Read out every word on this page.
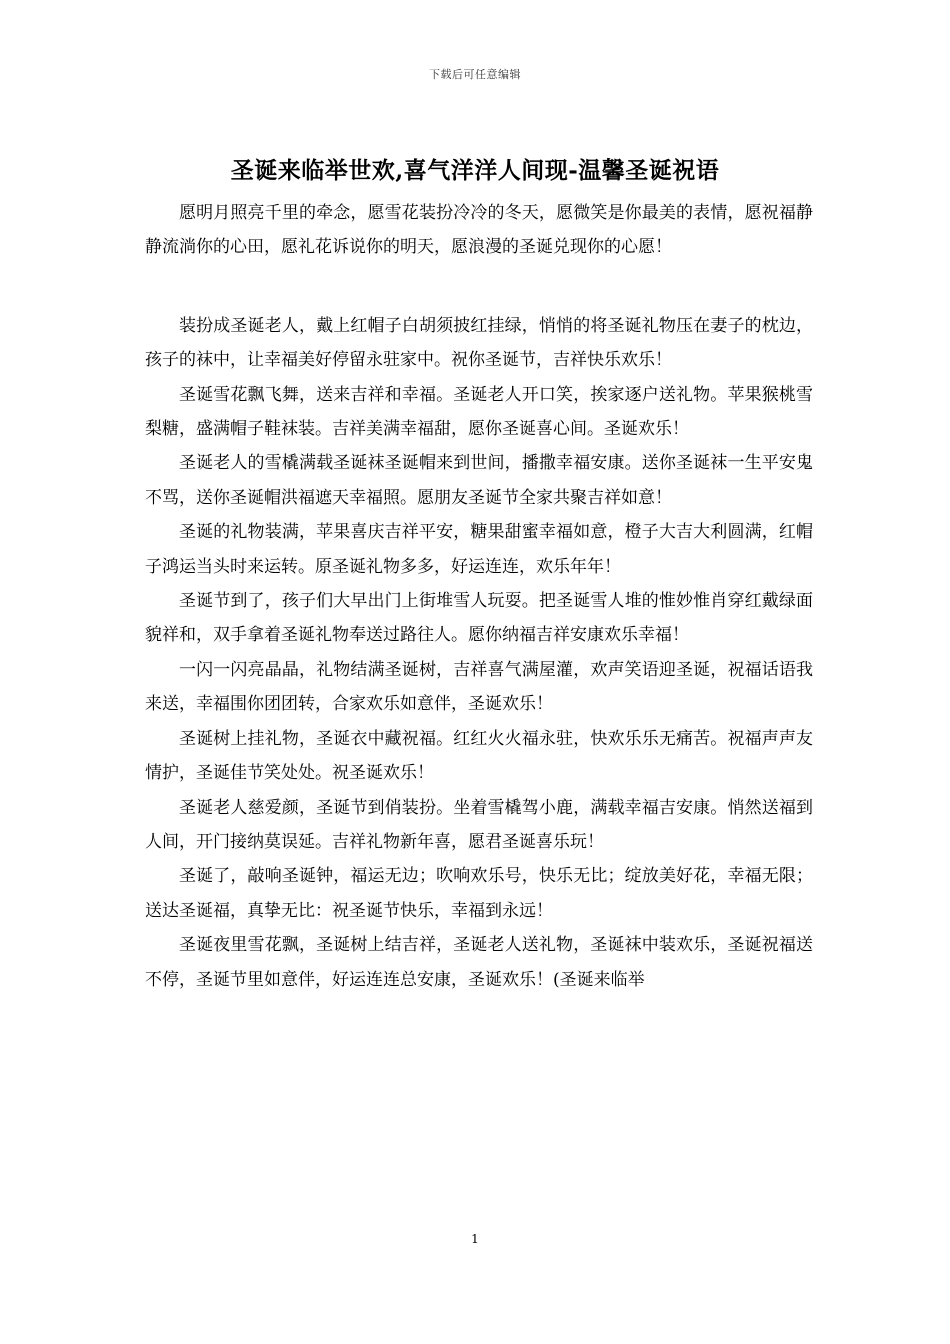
下载后可任意编辑
圣诞来临举世欢,喜气洋洋人间现-温馨圣诞祝语

愿明月照亮千里的牵念，愿雪花装扮冷冷的冬天，愿微笑是你最美的表情，愿祝福静静流淌你的心田，愿礼花诉说你的明天，愿浪漫的圣诞兑现你的心愿！

装扮成圣诞老人，戴上红帽子白胡须披红挂绿，悄悄的将圣诞礼物压在妻子的枕边，孩子的袜中，让幸福美好停留永驻家中。祝你圣诞节，吉祥快乐欢乐！

圣诞雪花飘飞舞，送来吉祥和幸福。圣诞老人开口笑，挨家逐户送礼物。苹果猴桃雪梨糖，盛满帽子鞋袜装。吉祥美满幸福甜，愿你圣诞喜心间。圣诞欢乐！

圣诞老人的雪橇满载圣诞袜圣诞帽来到世间，播撒幸福安康。送你圣诞袜一生平安鬼不骂，送你圣诞帽洪福遮天幸福照。愿朋友圣诞节全家共聚吉祥如意！

圣诞的礼物装满，苹果喜庆吉祥平安，糖果甜蜜幸福如意，橙子大吉大利圆满，红帽子鸿运当头时来运转。原圣诞礼物多多，好运连连，欢乐年年！

圣诞节到了，孩子们大早出门上街堆雪人玩耍。把圣诞雪人堆的惟妙惟肖穿红戴绿面貌祥和，双手拿着圣诞礼物奉送过路往人。愿你纳福吉祥安康欢乐幸福！

一闪一闪亮晶晶，礼物结满圣诞树，吉祥喜气满屋灌，欢声笑语迎圣诞，祝福话语我来送，幸福围你团团转，合家欢乐如意伴，圣诞欢乐！

圣诞树上挂礼物，圣诞衣中藏祝福。红红火火福永驻，快欢乐乐无痛苦。祝福声声友情护，圣诞佳节笑处处。祝圣诞欢乐！

圣诞老人慈爱颜，圣诞节到俏装扮。坐着雪橇驾小鹿，满载幸福吉安康。悄然送福到人间，开门接纳莫误延。吉祥礼物新年喜，愿君圣诞喜乐玩！

圣诞了，敲响圣诞钟，福运无边；吹响欢乐号，快乐无比；绽放美好花，幸福无限；送达圣诞福，真挚无比：祝圣诞节快乐，幸福到永远！

圣诞夜里雪花飘，圣诞树上结吉祥，圣诞老人送礼物，圣诞袜中装欢乐，圣诞祝福送不停，圣诞节里如意伴，好运连连总安康，圣诞欢乐！(圣诞来临举

1
